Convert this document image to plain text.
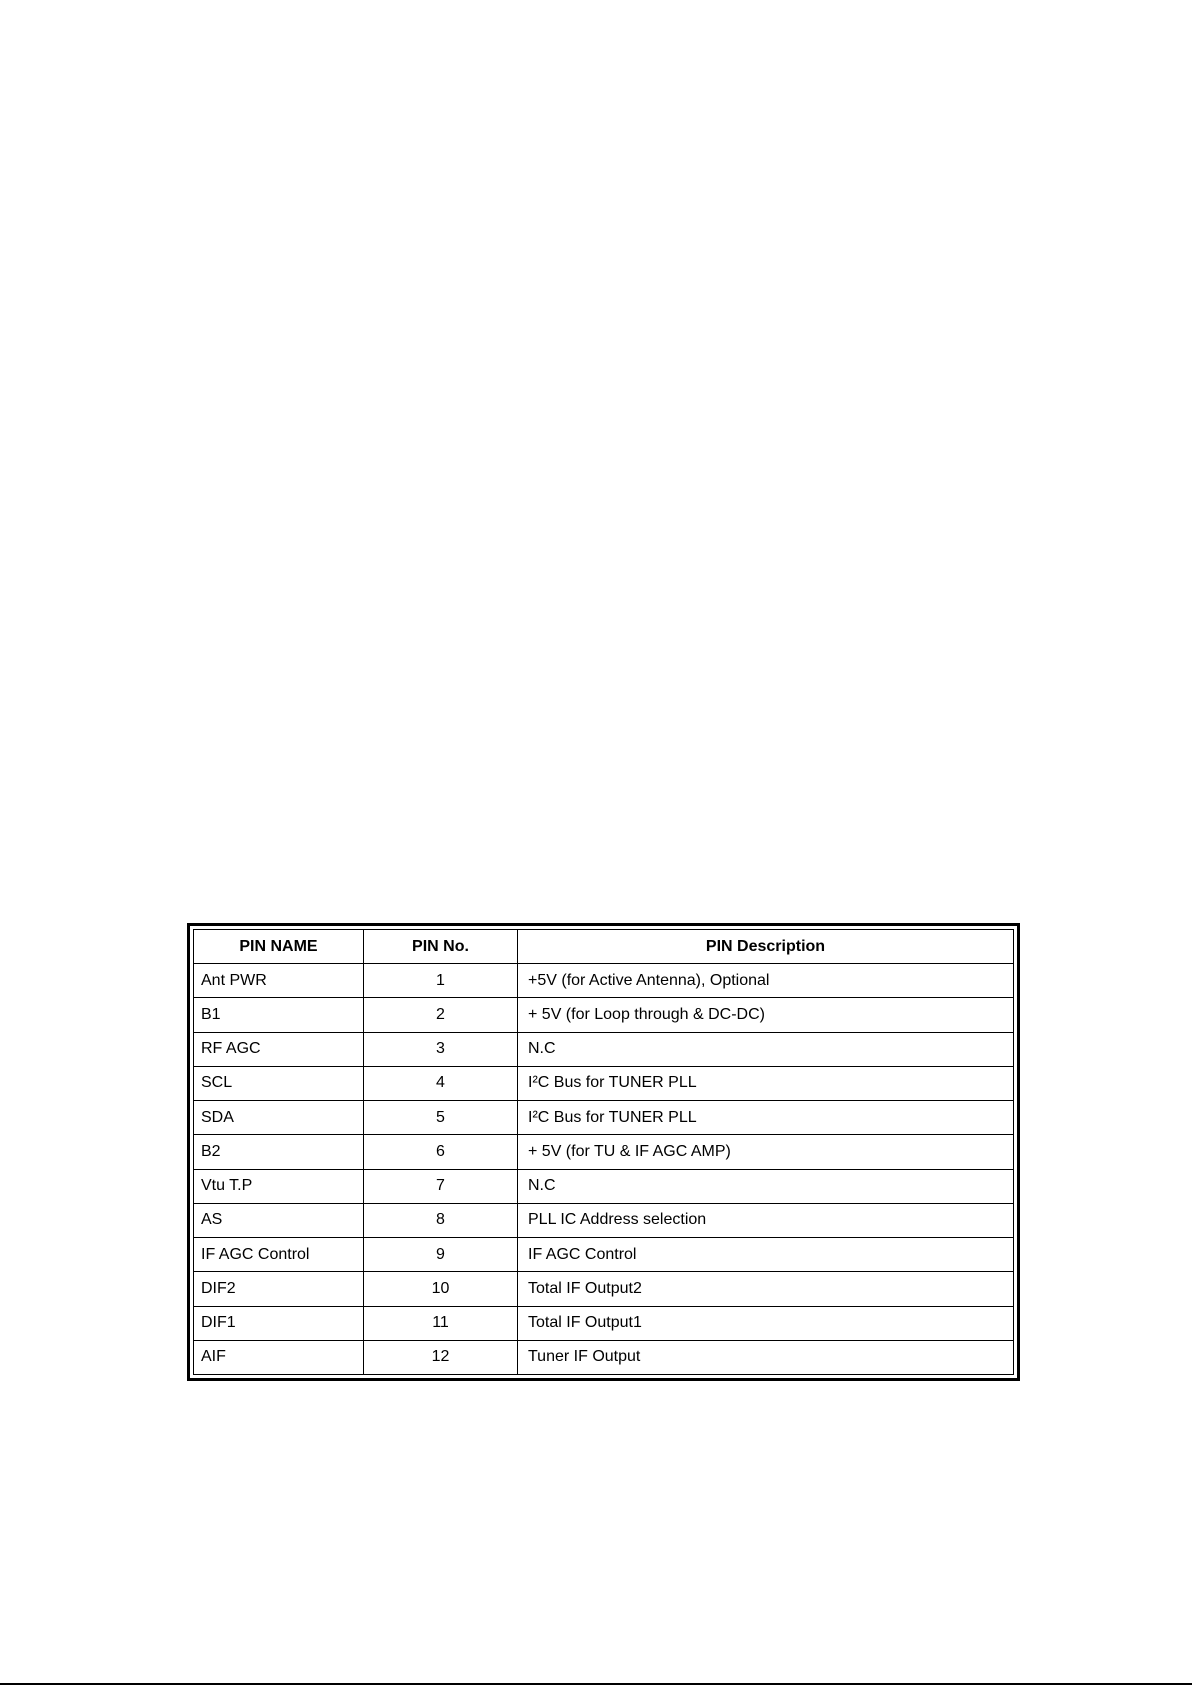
PIN NAME	PIN No.	PIN Description
Ant PWR	1	+5V (for Active Antenna), Optional
B1	2	+ 5V (for Loop through & DC-DC)
RF AGC	3	N.C
SCL	4	I²C Bus for TUNER PLL
SDA	5	I²C Bus for TUNER PLL
B2	6	+ 5V (for TU & IF AGC AMP)
Vtu T.P	7	N.C
AS	8	PLL IC Address selection
IF AGC Control	9	IF AGC Control
DIF2	10	Total IF Output2
DIF1	11	Total IF Output1
AIF	12	Tuner IF Output
